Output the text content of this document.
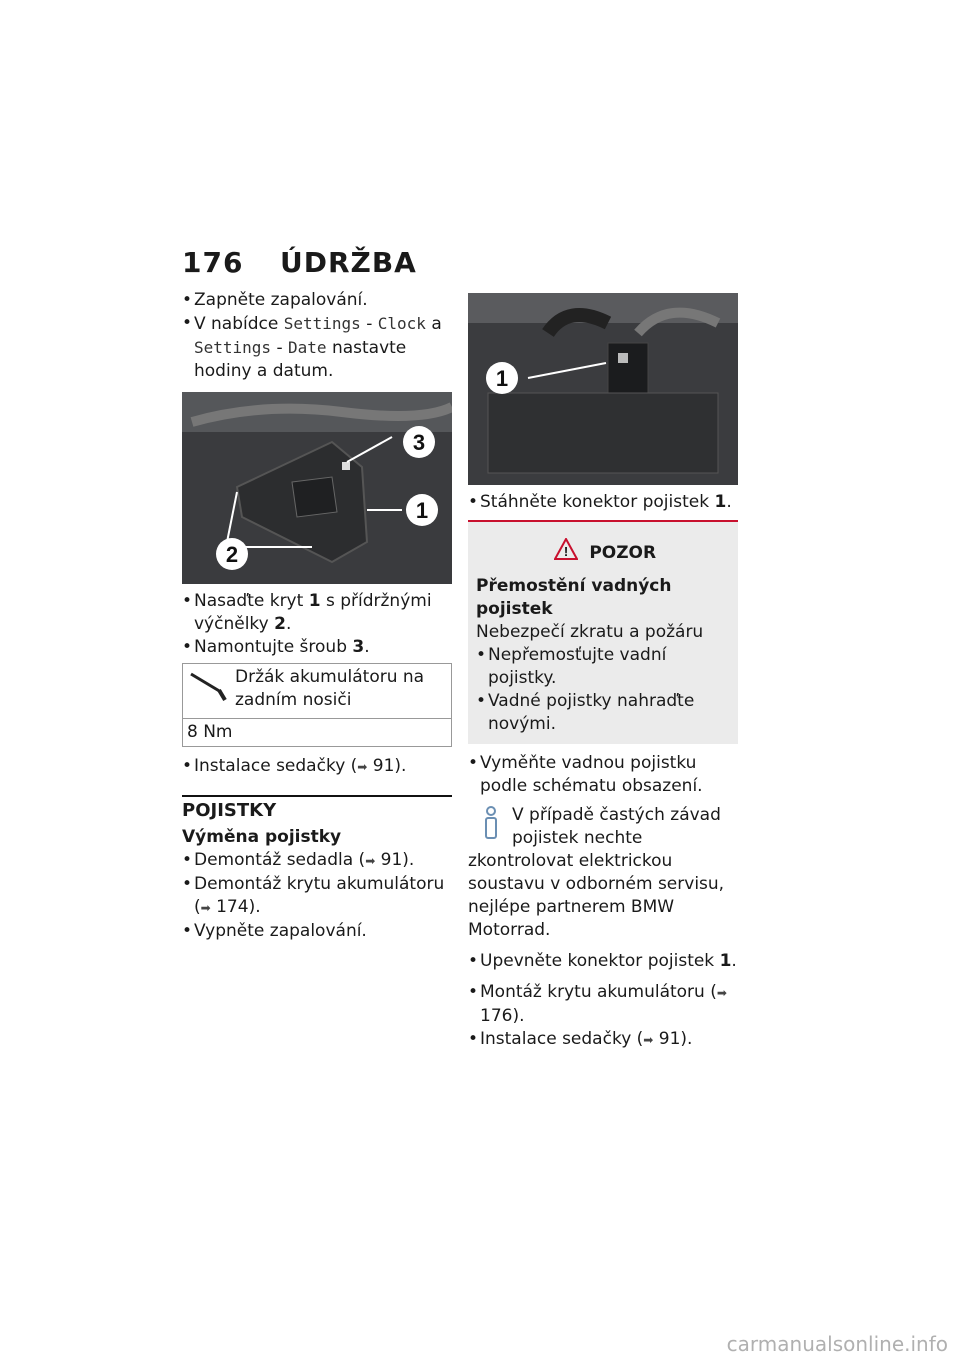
176 ÚDRŽBA

• Zapněte zapalování.

• V nabídce Settings - Clock a Settings - Date nastavte hodiny a datum.

3
1
2

• Nasaďte kryt 1 s přídržnými výčnělky 2.

• Namontujte šroub 3.

Držák akumulátoru na zadním nosiči
8 Nm

• Instalace sedačky (➡ 91).

POJISTKY
Výměna pojistky

• Demontáž sedadla (➡ 91).

• Demontáž krytu akumulátoru (➡ 174).

• Vypněte zapalování.

1

• Stáhněte konektor pojistek 1.

! POZOR
Přemostění vadných pojistek
Nebezpečí zkratu a požáru

• Nepřemosťujte vadní pojistky.

• Vadné pojistky nahraďte novými.

• Vyměňte vadnou pojistku podle schématu obsazení.

V případě častých závad pojistek nechte zkontrolovat elektrickou soustavu v odborném servisu, nejlépe partnerem BMW Motorrad.

• Upevněte konektor pojistek 1.

• Montáž krytu akumulátoru (➡ 176).

• Instalace sedačky (➡ 91).

carmanualsonline.info
